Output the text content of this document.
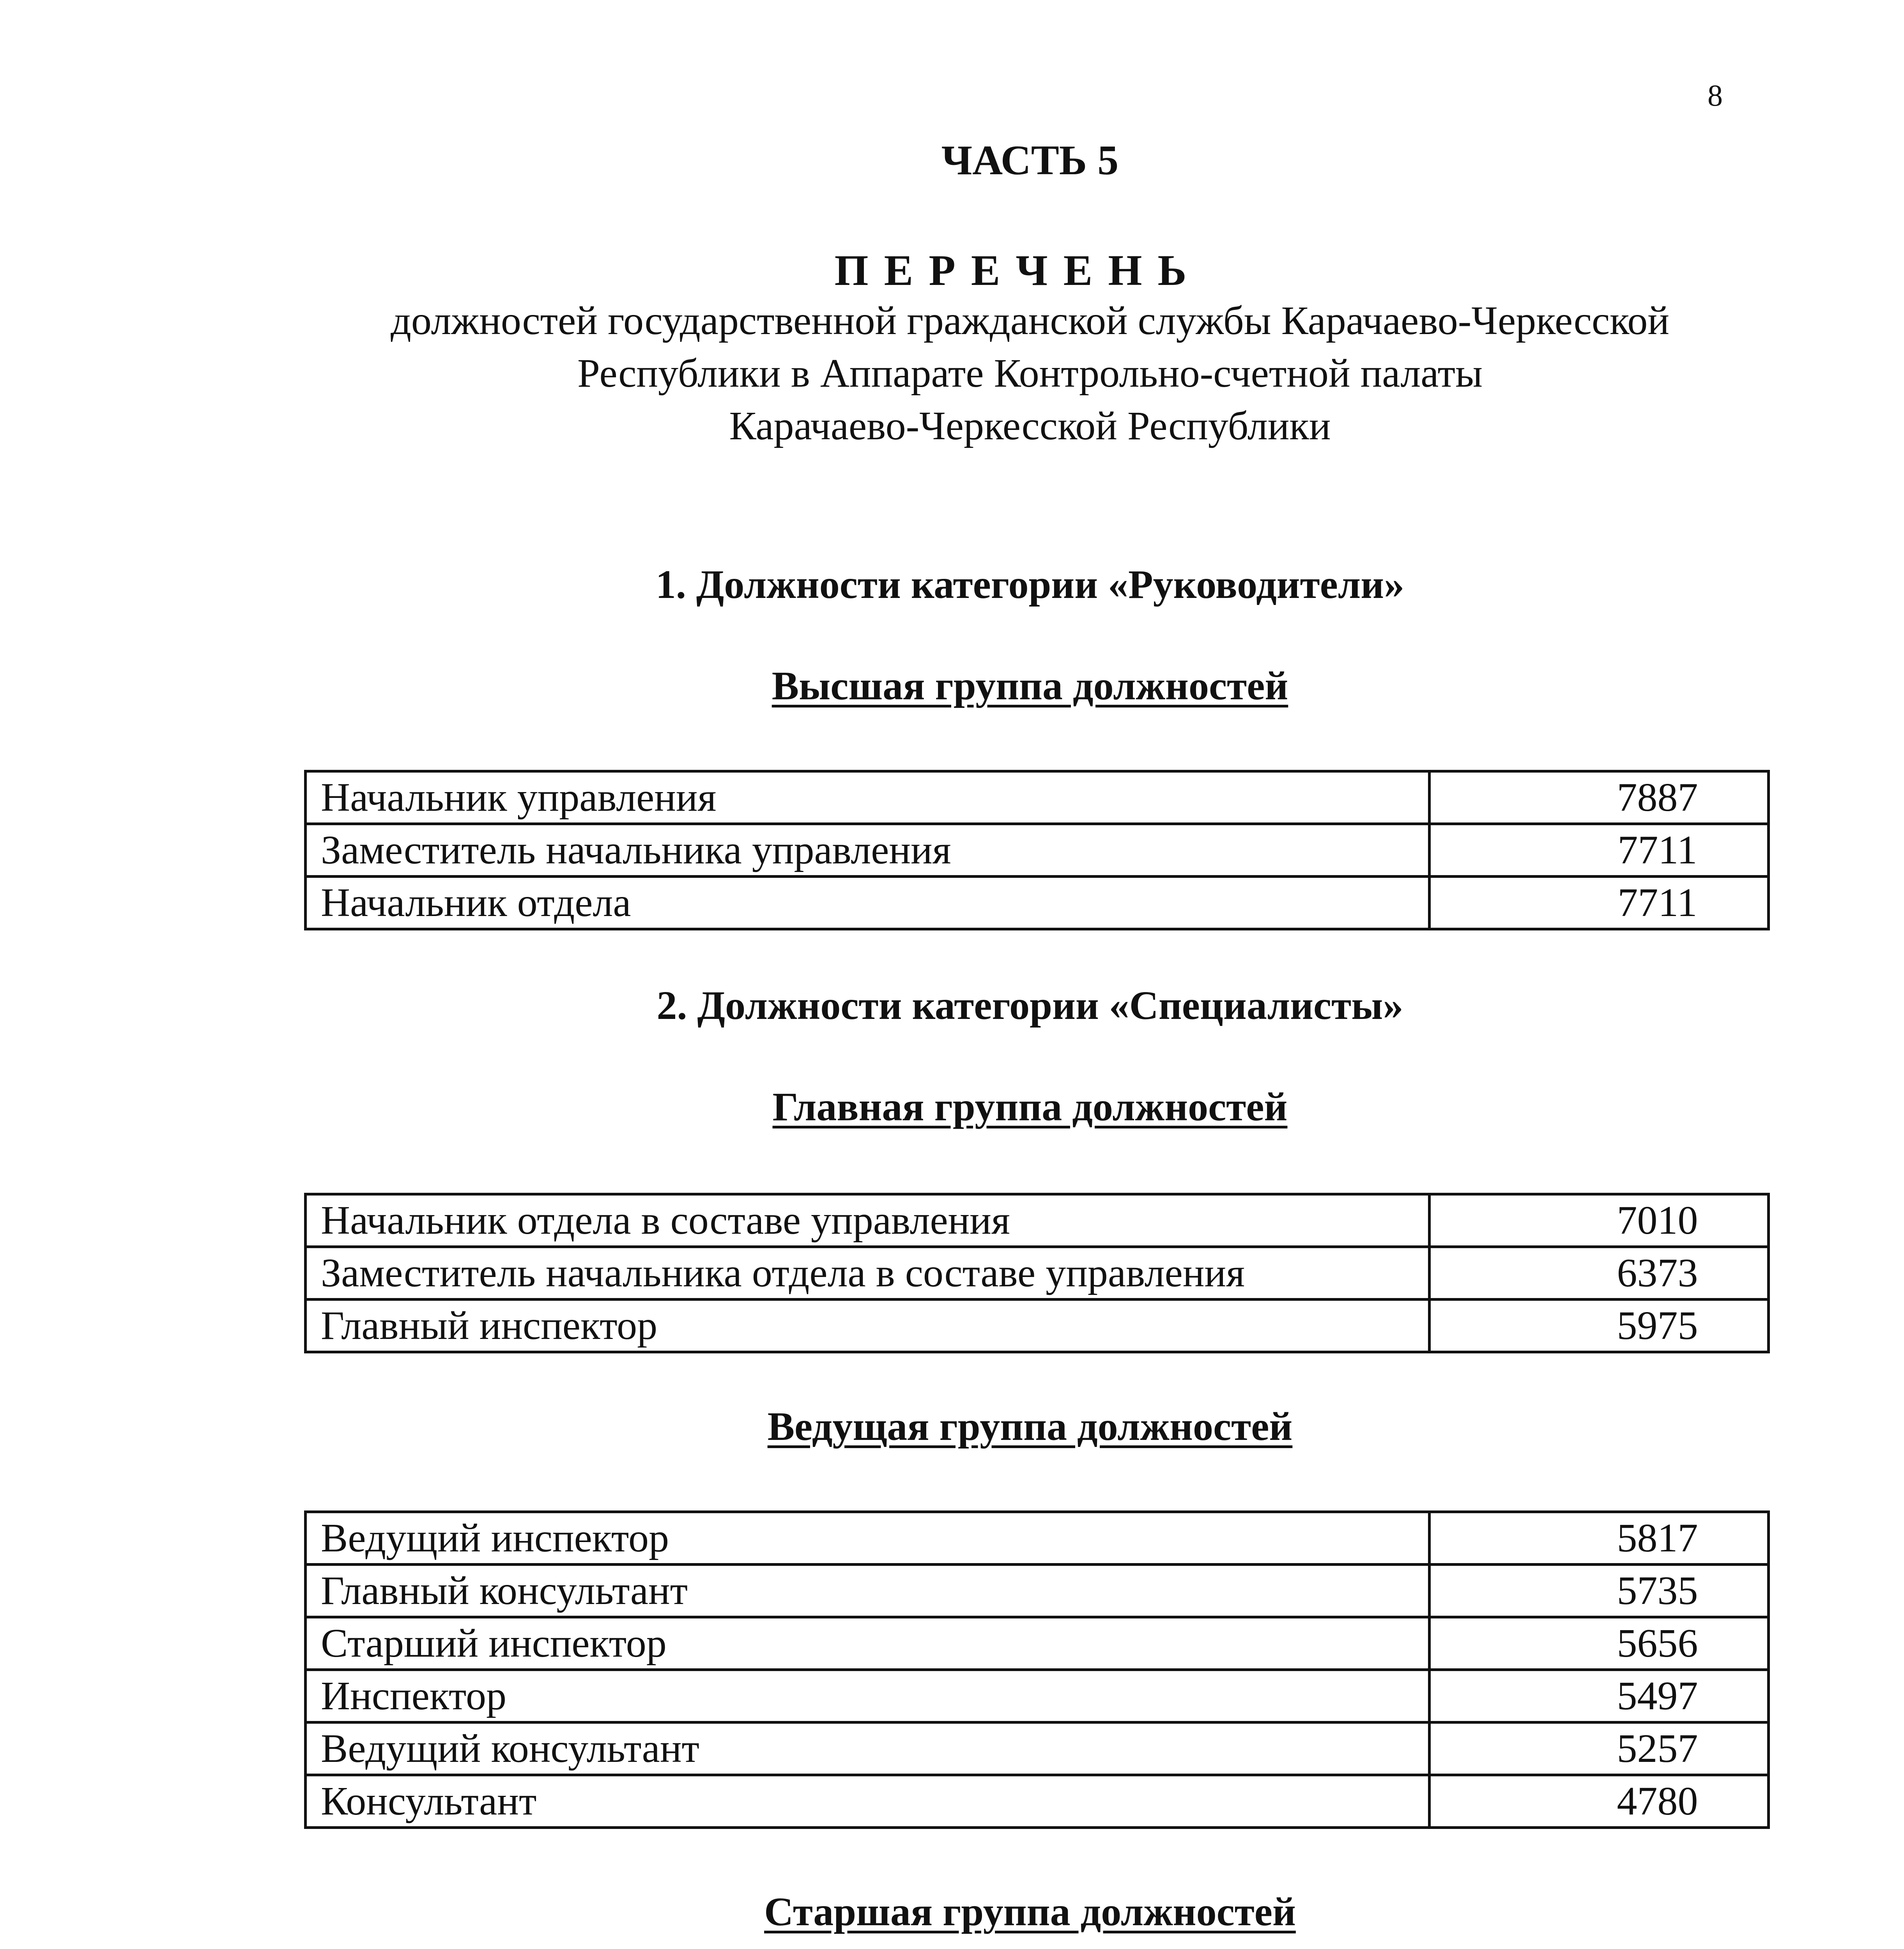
8
ЧАСТЬ 5
ПЕРЕЧЕНЬ
должностей государственной гражданской службы Карачаево-Черкесской
Республики в Аппарате Контрольно-счетной палаты
Карачаево-Черкесской Республики
1. Должности категории «Руководители»
Высшая группа должностей
Начальник управления	7887
Заместитель начальника управления	7711
Начальник отдела	7711
2. Должности категории «Специалисты»
Главная группа должностей
Начальник отдела в составе управления	7010
Заместитель начальника отдела в составе управления	6373
Главный инспектор	5975
Ведущая группа должностей
Ведущий инспектор	5817
Главный консультант	5735
Старший инспектор	5656
Инспектор	5497
Ведущий консультант	5257
Консультант	4780
Старшая группа должностей
